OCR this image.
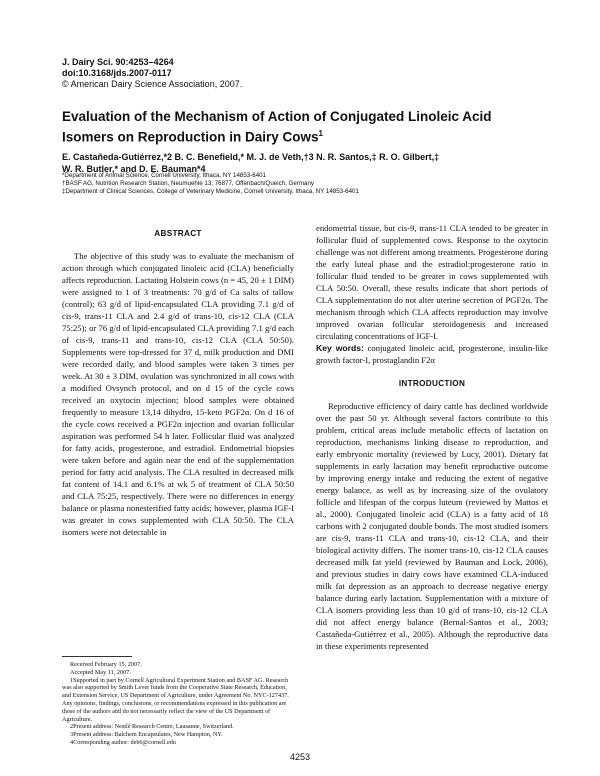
J. Dairy Sci. 90:4253–4264
doi:10.3168/jds.2007-0117
© American Dairy Science Association, 2007.
Evaluation of the Mechanism of Action of Conjugated Linoleic Acid Isomers on Reproduction in Dairy Cows$^1$
E. Castañeda-Gutiérrez,*2 B. C. Benefield,* M. J. de Veth,†3 N. R. Santos,‡ R. O. Gilbert,‡
W. R. Butler,* and D. E. Bauman*4
*Department of Animal Science, Cornell University, Ithaca, NY 14853-6401
†BASF AG, Nutrition Research Station, Neumuehle 13, 76877, Offenbach/Queich, Germany
‡Department of Clinical Sciences, College of Veterinary Medicine, Cornell University, Ithaca, NY 14853-6401
ABSTRACT

The objective of this study was to evaluate the mechanism of action through which conjugated linoleic acid (CLA) beneficially affects reproduction. Lactating Holstein cows (n = 45, 20 ± 1 DIM) were assigned to 1 of 3 treatments: 70 g/d of Ca salts of tallow (control); 63 g/d of lipid-encapsulated CLA providing 7.1 g/d of cis-9, trans-11 CLA and 2.4 g/d of trans-10, cis-12 CLA (CLA 75:25); or 76 g/d of lipid-encapsulated CLA providing 7.1 g/d each of cis-9, trans-11 and trans-10, cis-12 CLA (CLA 50:50). Supplements were top-dressed for 37 d, milk production and DMI were recorded daily, and blood samples were taken 3 times per week. At 30 ± 3 DIM, ovulation was synchronized in all cows with a modified Ovsynch protocol, and on d 15 of the cycle cows received an oxytocin injection; blood samples were obtained frequently to measure 13,14 dihydro, 15-keto PGF2α. On d 16 of the cycle cows received a PGF2α injection and ovarian follicular aspiration was performed 54 h later. Follicular fluid was analyzed for fatty acids, progesterone, and estradiol. Endometrial biopsies were taken before and again near the end of the supplementation period for fatty acid analysis. The CLA resulted in decreased milk fat content of 14.1 and 6.1% at wk 5 of treatment of CLA 50:50 and CLA 75:25, respectively. There were no differences in energy balance or plasma nonesterified fatty acids; however, plasma IGF-I was greater in cows supplemented with CLA 50:50. The CLA isomers were not detectable in

endometrial tissue, but cis-9, trans-11 CLA tended to be greater in follicular fluid of supplemented cows. Response to the oxytocin challenge was not different among treatments. Progesterone during the early luteal phase and the estradiol:progesterone ratio in follicular fluid tended to be greater in cows supplemented with CLA 50:50. Overall, these results indicate that short periods of CLA supplementation do not alter uterine secretion of PGF2α. The mechanism through which CLA affects reproduction may involve improved ovarian follicular steroidogenesis and increased circulating concentrations of IGF-I.

Key words: conjugated linoleic acid, progesterone, insulin-like growth factor-I, prostaglandin F2α

INTRODUCTION

Reproductive efficiency of dairy cattle has declined worldwide over the past 50 yr. Although several factors contribute to this problem, critical areas include metabolic effects of lactation on reproduction, mechanisms linking disease to reproduction, and early embryonic mortality (reviewed by Lucy, 2001). Dietary fat supplements in early lactation may benefit reproductive outcome by improving energy intake and reducing the extent of negative energy balance, as well as by increasing size of the ovulatory follicle and lifespan of the corpus luteum (reviewed by Mattos et al., 2000). Conjugated linoleic acid (CLA) is a fatty acid of 18 carbons with 2 conjugated double bonds. The most studied isomers are cis-9, trans-11 CLA and trans-10, cis-12 CLA, and their biological activity differs. The isomer trans-10, cis-12 CLA causes decreased milk fat yield (reviewed by Bauman and Lock, 2006), and previous studies in dairy cows have examined CLA-induced milk fat depression as an approach to decrease negative energy balance during early lactation. Supplementation with a mixture of CLA isomers providing less than 10 g/d of trans-10, cis-12 CLA did not affect energy balance (Bernal-Santos et al., 2003; Castañeda-Gutiérrez et al., 2005). Although the reproductive data in these experiments represented

Received February 15, 2007.

Accepted May 11, 2007.

1Supported in part by Cornell Agricultural Experiment Station and BASF AG. Research was also supported by Smith Lever funds from the Cooperative State Research, Education, and Extension Service, US Department of Agriculture, under Agreement No. NYC-127437. Any opinions, findings, conclusions, or recommendations expressed in this publication are those of the authors and do not necessarily reflect the view of the US Department of Agriculture.

2Present address: Nestlé Research Centre, Lausanne, Switzerland.

3Present address: Balchem Encapsulates, New Hampton, NY.

4Corresponding author: deb6@cornell.edu

4253
